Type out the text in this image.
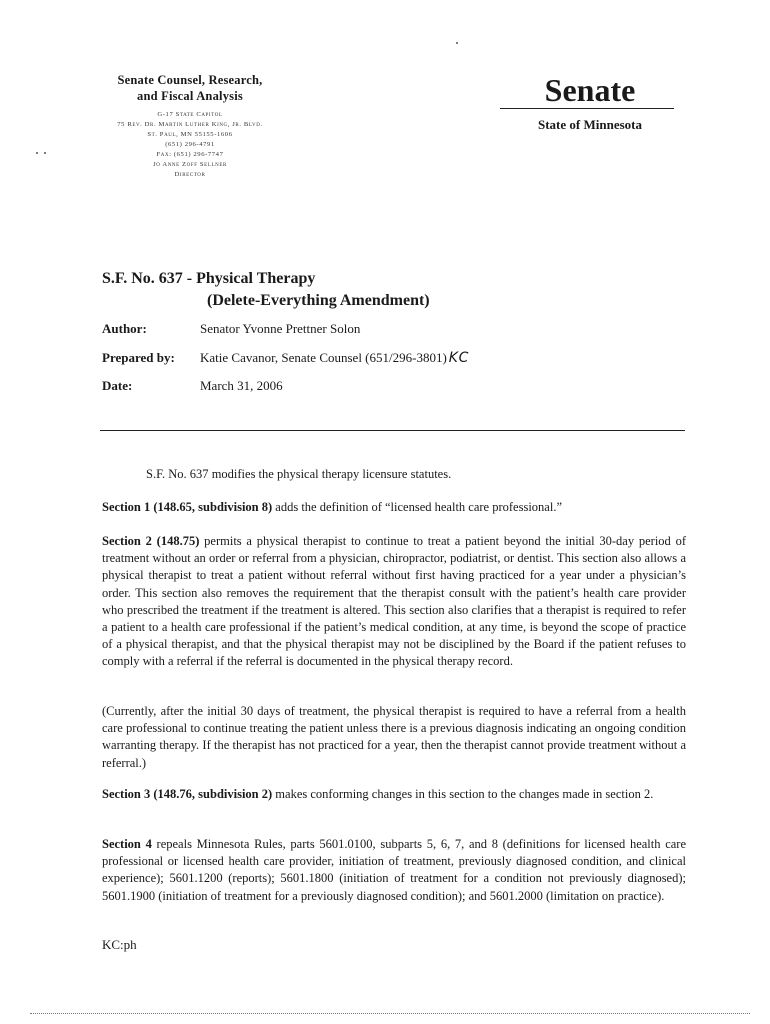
Senate Counsel, Research,
and Fiscal Analysis
G-17 State Capitol
75 Rev. Dr. Martin Luther King, Jr. Blvd.
St. Paul, MN 55155-1606
(651) 296-4791
Fax: (651) 296-7747
Jo Anne Zoff Sellner
Director
Senate
State of Minnesota
S.F. No. 637 - Physical Therapy
(Delete-Everything Amendment)
Author:	Senator Yvonne Prettner Solon
Prepared by: Katie Cavanor, Senate Counsel (651/296-3801) KC
Date:	March 31, 2006

S.F. No. 637 modifies the physical therapy licensure statutes.

Section 1 (148.65, subdivision 8) adds the definition of “licensed health care professional.”

Section 2 (148.75) permits a physical therapist to continue to treat a patient beyond the initial 30-day period of treatment without an order or referral from a physician, chiropractor, podiatrist, or dentist. This section also allows a physical therapist to treat a patient without referral without first having practiced for a year under a physician’s order. This section also removes the requirement that the therapist consult with the patient’s health care provider who prescribed the treatment if the treatment is altered. This section also clarifies that a therapist is required to refer a patient to a health care professional if the patient’s medical condition, at any time, is beyond the scope of practice of a physical therapist, and that the physical therapist may not be disciplined by the Board if the patient refuses to comply with a referral if the referral is documented in the physical therapy record.

(Currently, after the initial 30 days of treatment, the physical therapist is required to have a referral from a health care professional to continue treating the patient unless there is a previous diagnosis indicating an ongoing condition warranting therapy. If the therapist has not practiced for a year, then the therapist cannot provide treatment without a referral.)

Section 3 (148.76, subdivision 2) makes conforming changes in this section to the changes made in section 2.

Section 4 repeals Minnesota Rules, parts 5601.0100, subparts 5, 6, 7, and 8 (definitions for licensed health care professional or licensed health care provider, initiation of treatment, previously diagnosed condition, and clinical experience); 5601.1200 (reports); 5601.1800 (initiation of treatment for a condition not previously diagnosed); 5601.1900 (initiation of treatment for a previously diagnosed condition); and 5601.2000 (limitation on practice).

KC:ph
